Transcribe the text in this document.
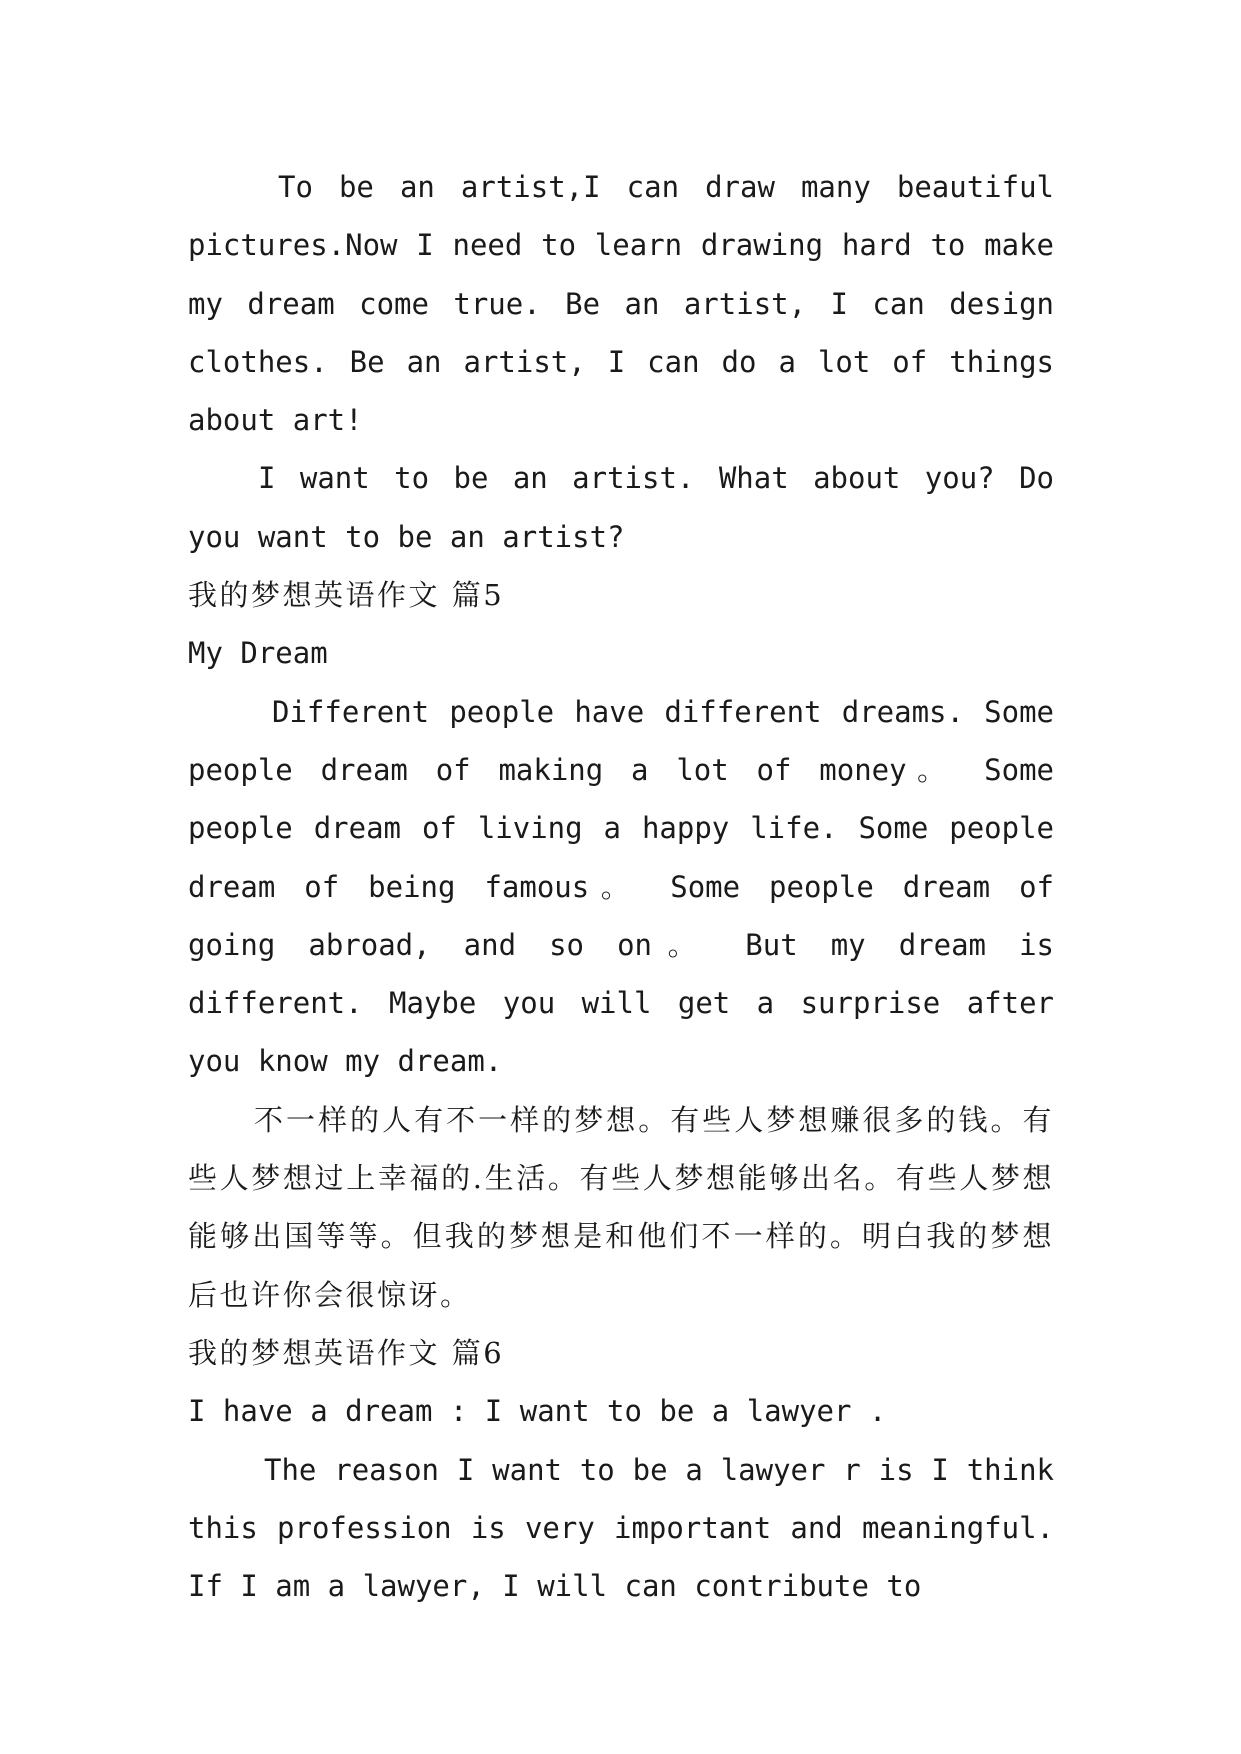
To be an artist,I can draw many beautiful pictures.Now I need to learn drawing hard to make my dream come true. Be an artist, I can design clothes. Be an artist, I can do a lot of things about art!

I want to be an artist. What about you? Do you want to be an artist?

我的梦想英语作文 篇5

My Dream

Different people have different dreams. Some people dream of making a lot of money。 Some people dream of living a happy life. Some people dream of being famous。 Some people dream of going abroad, and so on。 But my dream is different. Maybe you will get a surprise after you know my dream.

不一样的人有不一样的梦想。有些人梦想赚很多的钱。有些人梦想过上幸福的.生活。有些人梦想能够出名。有些人梦想能够出国等等。但我的梦想是和他们不一样的。明白我的梦想后也许你会很惊讶。

我的梦想英语作文 篇6

I have a dream : I want to be a lawyer .

The reason I want to be a lawyer r is I think this profession is very important and meaningful. If I am a lawyer, I will can contribute to
